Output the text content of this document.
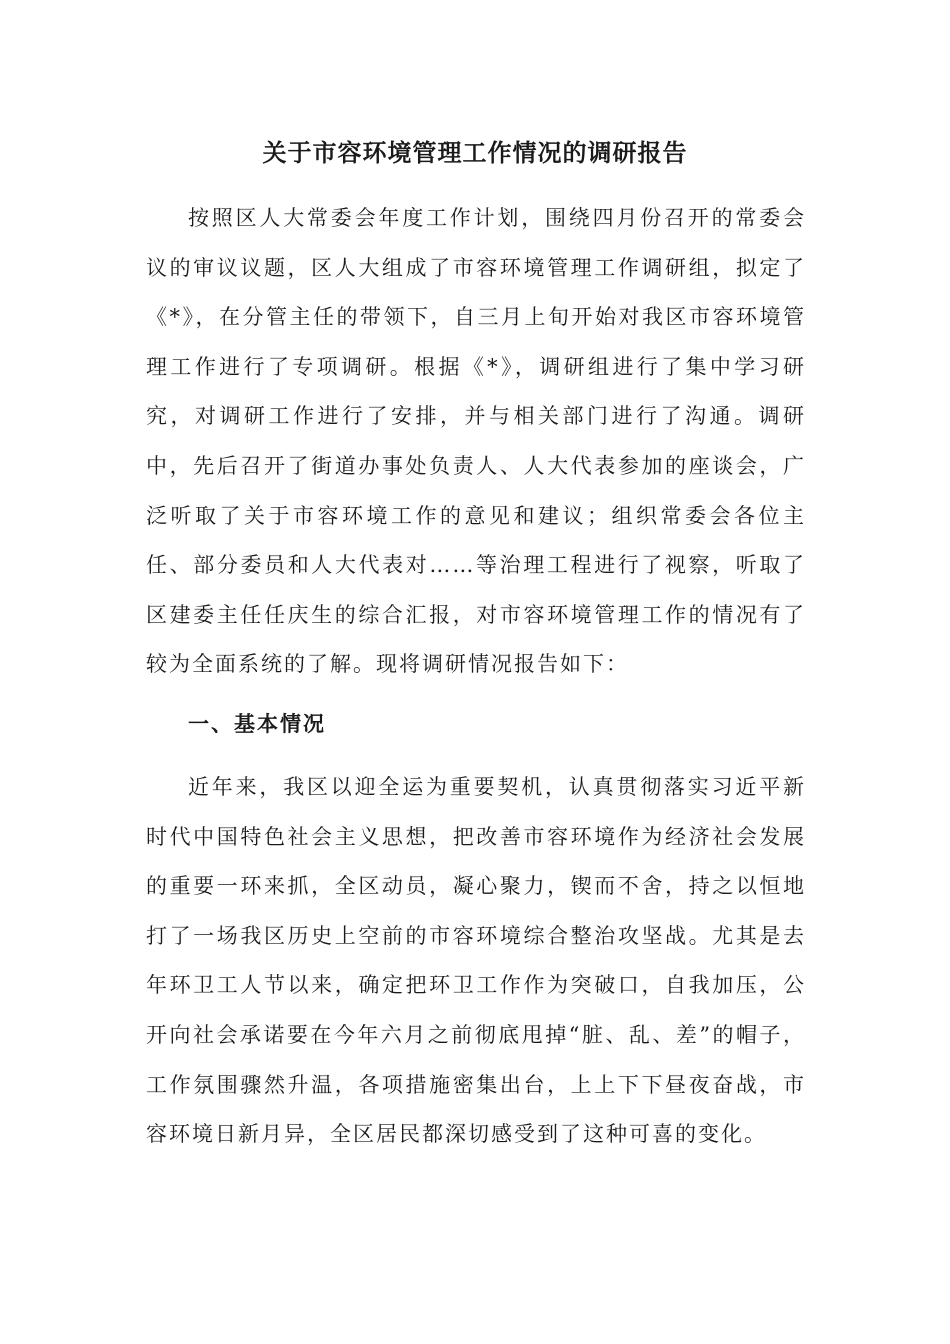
关于市容环境管理工作情况的调研报告

按照区人大常委会年度工作计划，围绕四月份召开的常委会议的审议议题，区人大组成了市容环境管理工作调研组，拟定了《*》，在分管主任的带领下，自三月上旬开始对我区市容环境管理工作进行了专项调研。根据《*》，调研组进行了集中学习研究，对调研工作进行了安排，并与相关部门进行了沟通。调研中，先后召开了街道办事处负责人、人大代表参加的座谈会，广泛听取了关于市容环境工作的意见和建议；组织常委会各位主任、部分委员和人大代表对……等治理工程进行了视察，听取了区建委主任任庆生的综合汇报，对市容环境管理工作的情况有了较为全面系统的了解。现将调研情况报告如下：

一、基本情况

近年来，我区以迎全运为重要契机，认真贯彻落实习近平新时代中国特色社会主义思想，把改善市容环境作为经济社会发展的重要一环来抓，全区动员，凝心聚力，锲而不舍，持之以恒地打了一场我区历史上空前的市容环境综合整治攻坚战。尤其是去年环卫工人节以来，确定把环卫工作作为突破口，自我加压，公开向社会承诺要在今年六月之前彻底甩掉“脏、乱、差”的帽子，工作氛围骤然升温，各项措施密集出台，上上下下昼夜奋战，市容环境日新月异，全区居民都深切感受到了这种可喜的变化。
